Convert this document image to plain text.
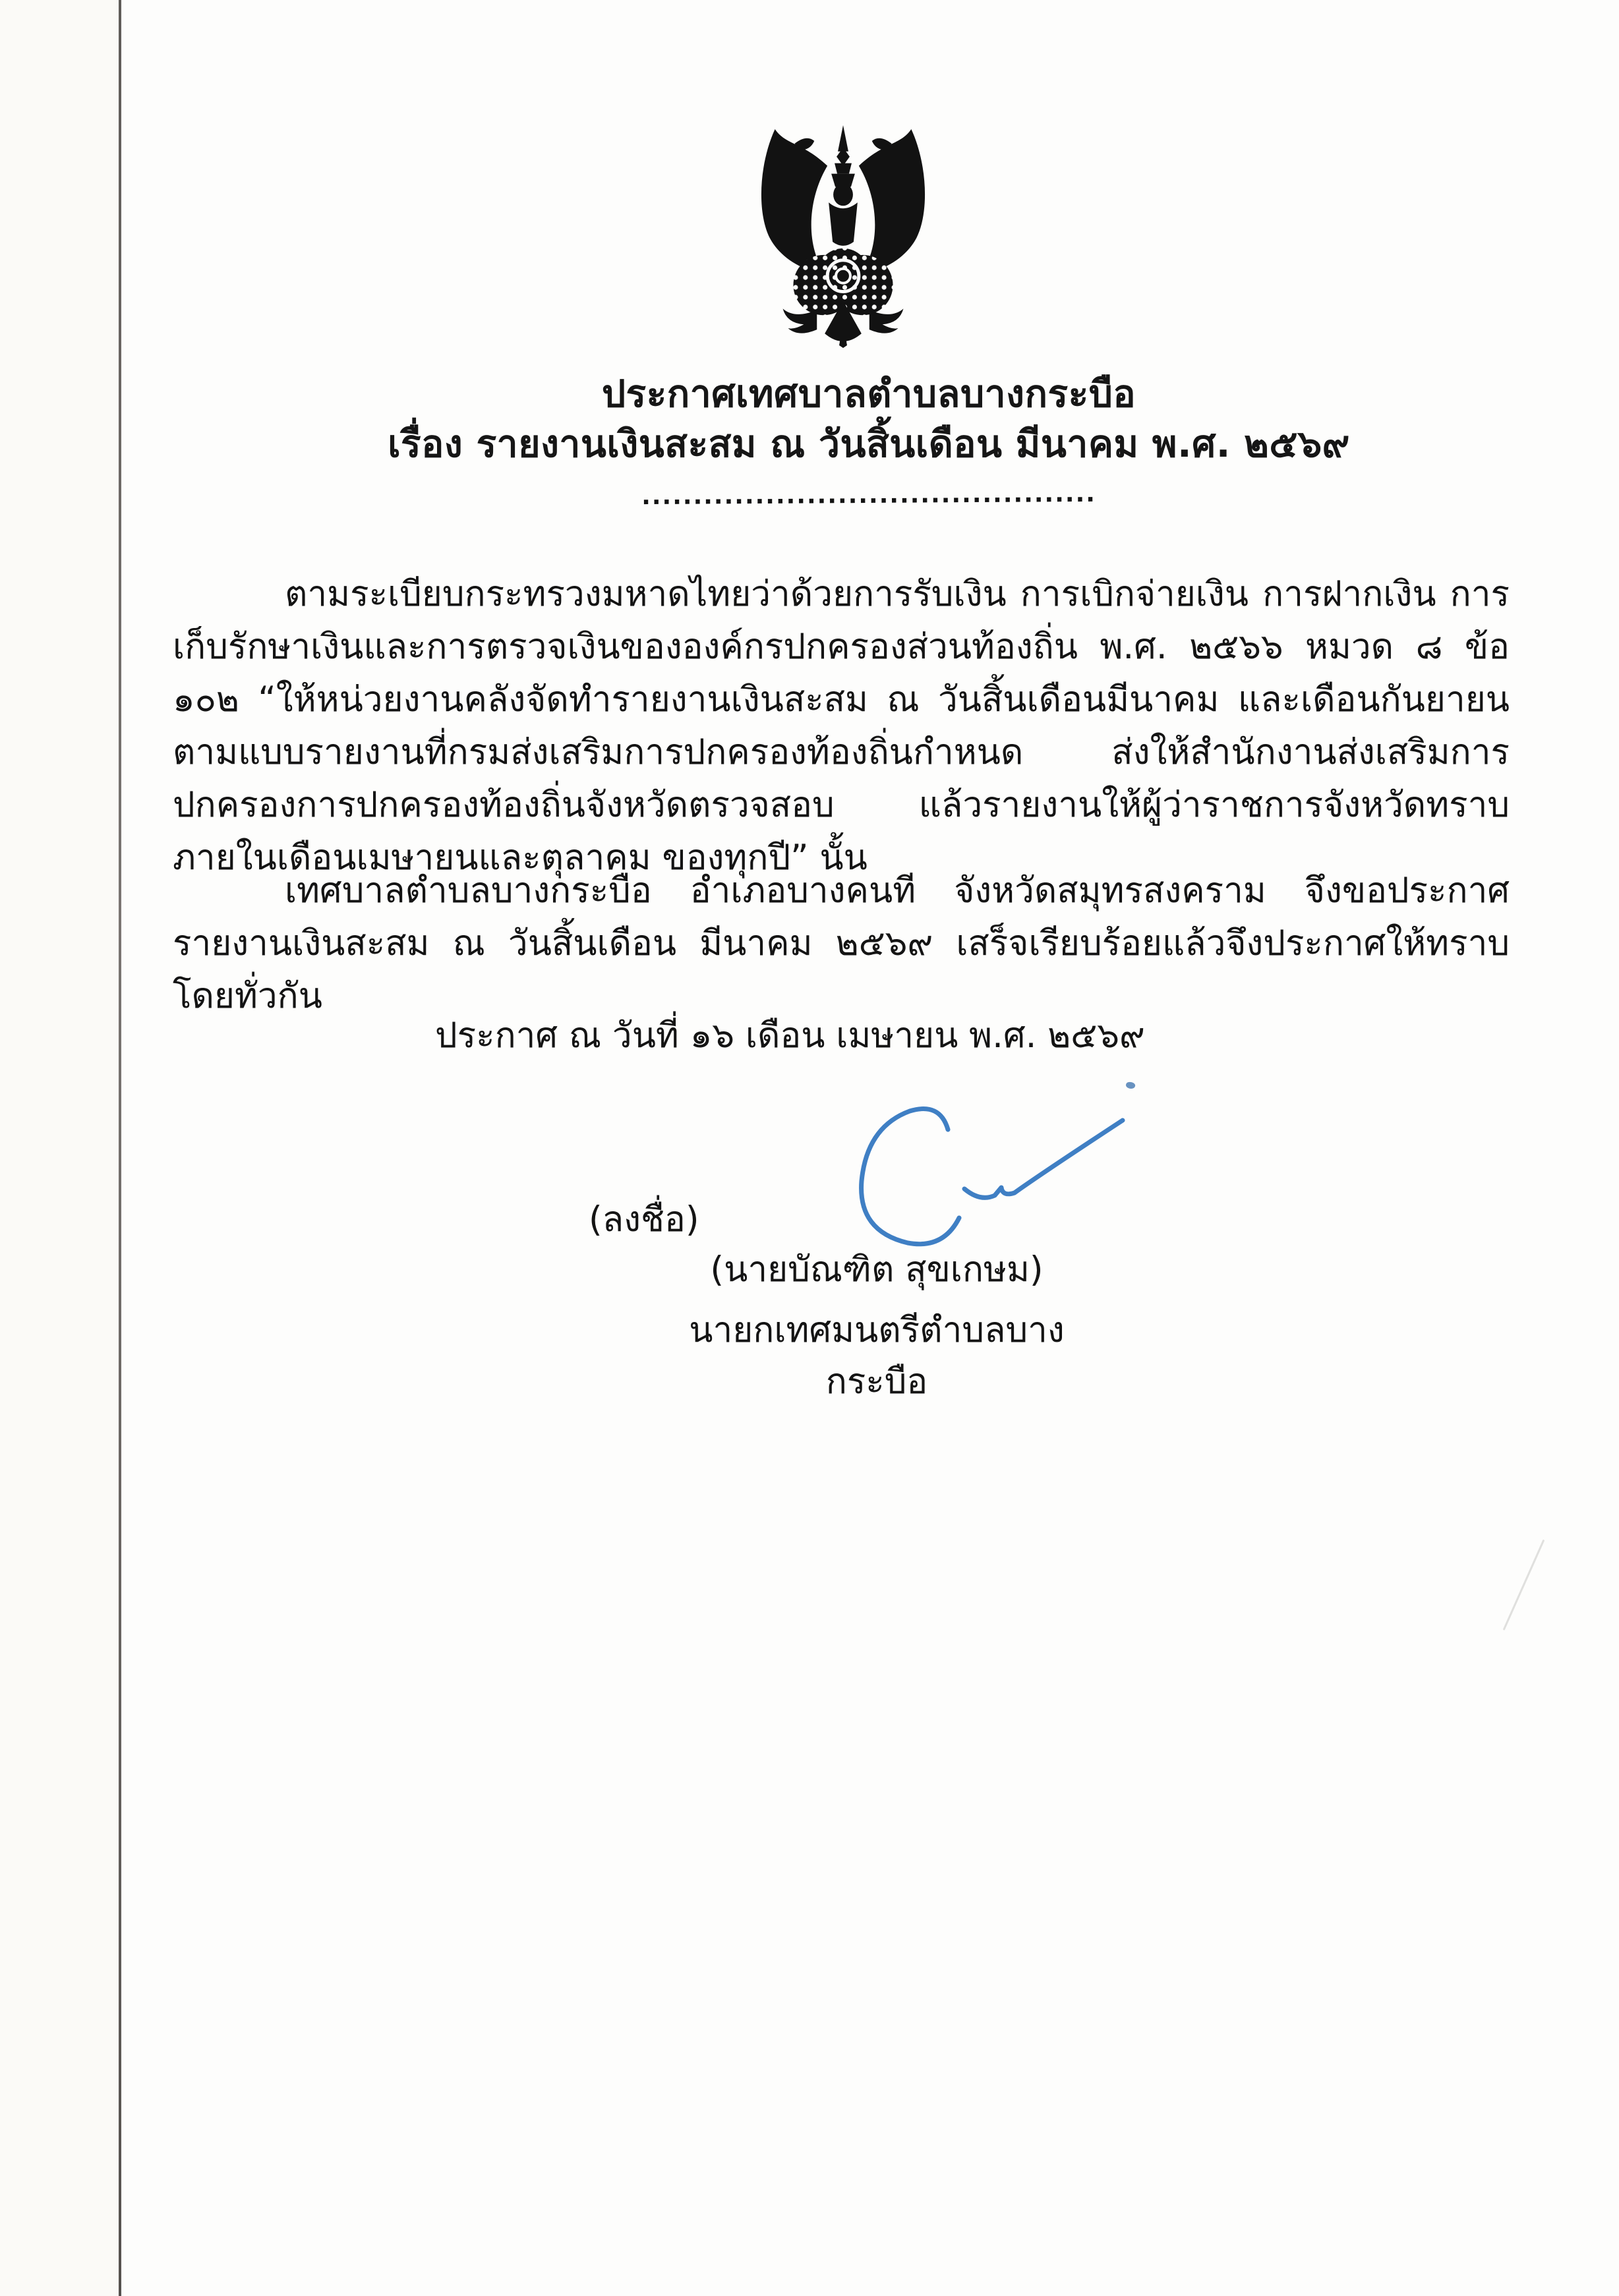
ประกาศเทศบาลตำบลบางกระบือ
เรื่อง รายงานเงินสะสม ณ วันสิ้นเดือน มีนาคม พ.ศ. ๒๕๖๙
............................................
ตามระเบียบกระทรวงมหาดไทยว่าด้วยการรับเงิน การเบิกจ่ายเงิน การฝากเงิน การเก็บรักษาเงินและการตรวจเงินขององค์กรปกครองส่วนท้องถิ่น พ.ศ. ๒๕๖๖ หมวด ๘ ข้อ ๑๐๒ “ให้หน่วยงานคลังจัดทำรายงานเงินสะสม ณ วันสิ้นเดือนมีนาคม และเดือนกันยายน ตามแบบรายงานที่กรมส่งเสริมการปกครองท้องถิ่นกำหนด ส่งให้สำนักงานส่งเสริมการปกครองการปกครองท้องถิ่นจังหวัดตรวจสอบ แล้วรายงานให้ผู้ว่าราชการจังหวัดทราบภายในเดือนเมษายนและตุลาคม ของทุกปี” นั้น
เทศบาลตำบลบางกระบือ อำเภอบางคนที จังหวัดสมุทรสงคราม จึงขอประกาศรายงานเงินสะสม ณ วันสิ้นเดือน มีนาคม ๒๕๖๙ เสร็จเรียบร้อยแล้วจึงประกาศให้ทราบโดยทั่วกัน
ประกาศ ณ วันที่ ๑๖ เดือน เมษายน พ.ศ. ๒๕๖๙
(ลงชื่อ)
(นายบัณฑิต สุขเกษม)
นายกเทศมนตรีตำบลบางกระบือ
